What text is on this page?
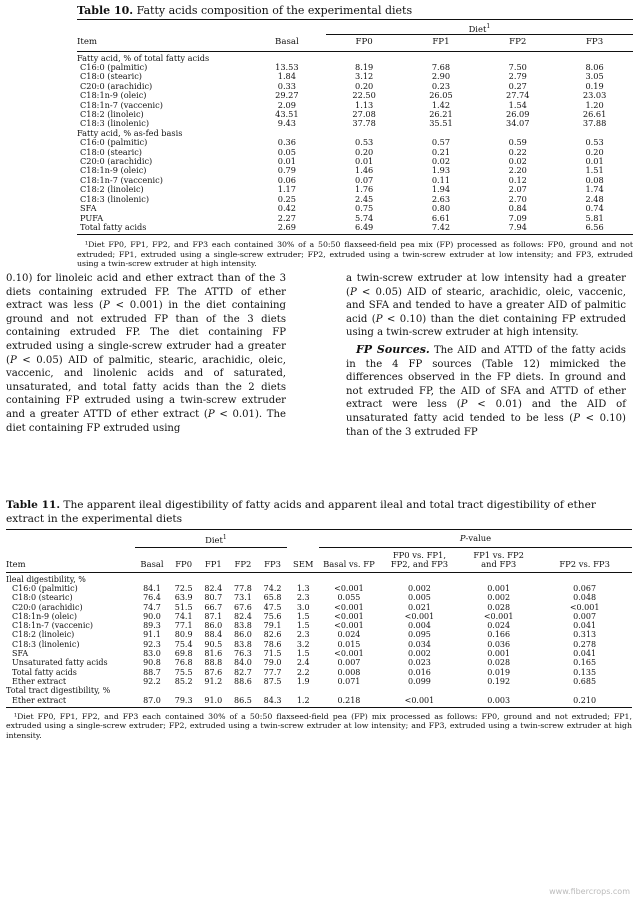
Table 10. Fatty acids composition of the experimental diets
		Diet$^1$
Item	Basal	FP0	FP1	FP2	FP3
Fatty acid, % of total fatty acids					
C16:0 (palmitic)	13.53	8.19	7.68	7.50	8.06
C18:0 (stearic)	1.84	3.12	2.90	2.79	3.05
C20:0 (arachidic)	0.33	0.20	0.23	0.27	0.19
C18:1n-9 (oleic)	29.27	22.50	26.05	27.74	23.03
C18:1n-7 (vaccenic)	2.09	1.13	1.42	1.54	1.20
C18:2 (linoleic)	43.51	27.08	26.21	26.09	26.61
C18:3 (linolenic)	9.43	37.78	35.51	34.07	37.88
Fatty acid, % as-fed basis					
C16:0 (palmitic)	0.36	0.53	0.57	0.59	0.53
C18:0 (stearic)	0.05	0.20	0.21	0.22	0.20
C20:0 (arachidic)	0.01	0.01	0.02	0.02	0.01
C18:1n-9 (oleic)	0.79	1.46	1.93	2.20	1.51
C18:1n-7 (vaccenic)	0.06	0.07	0.11	0.12	0.08
C18:2 (linoleic)	1.17	1.76	1.94	2.07	1.74
C18:3 (linolenic)	0.25	2.45	2.63	2.70	2.48
SFA	0.42	0.75	0.80	0.84	0.74
PUFA	2.27	5.74	6.61	7.09	5.81
Total fatty acids	2.69	6.49	7.42	7.94	6.56
¹Diet FP0, FP1, FP2, and FP3 each contained 30% of a 50:50 flaxseed-field pea mix (FP) processed as follows: FP0, ground and not extruded; FP1, extruded using a single-screw extruder; FP2, extruded using a twin-screw extruder at low intensity; and FP3, extruded using a twin-screw extruder at high intensity.

0.10) for linoleic acid and ether extract than of the 3 diets containing extruded FP. The ATTD of ether extract was less (P < 0.001) in the diet containing ground and not extruded FP than of the 3 diets containing extruded FP. The diet containing FP extruded using a single-screw extruder had a greater (P < 0.05) AID of palmitic, stearic, arachidic, oleic, vaccenic, and linolenic acids and of saturated, unsaturated, and total fatty acids than the 2 diets containing FP extruded using a twin-screw extruder and a greater ATTD of ether extract (P < 0.01). The diet containing FP extruded using

a twin-screw extruder at low intensity had a greater (P < 0.05) AID of stearic, arachidic, oleic, vaccenic, and SFA and tended to have a greater AID of palmitic acid (P < 0.10) than the diet containing FP extruded using a twin-screw extruder at high intensity.

FP Sources. The AID and ATTD of the fatty acids in the 4 FP sources (Table 12) mimicked the differences observed in the FP diets. In ground and not extruded FP, the AID of SFA and ATTD of ether extract were less (P < 0.01) and the AID of unsaturated fatty acid tended to be less (P < 0.10) than of the 3 extruded FP

Table 11. The apparent ileal digestibility of fatty acids and apparent ileal and total tract digestibility of ether extract in the experimental diets
	Diet$^1$						P-value			
Item	Basal	FP0	FP1	FP2	FP3	SEM	Basal vs. FP	FP0 vs. FP1,
FP2, and FP3	FP1 vs. FP2
and FP3	FP2 vs. FP3
Ileal digestibility, %										
C16:0 (palmitic)	84.1	72.5	82.4	77.8	74.2	1.3	<0.001	0.002	0.001	0.067
C18:0 (stearic)	76.4	63.9	80.7	73.1	65.8	2.3	0.055	0.005	0.002	0.048
C20:0 (arachidic)	74.7	51.5	66.7	67.6	47.5	3.0	<0.001	0.021	0.028	<0.001
C18:1n-9 (oleic)	90.0	74.1	87.1	82.4	75.6	1.5	<0.001	<0.001	<0.001	0.007
C18:1n-7 (vaccenic)	89.3	77.1	86.0	83.8	79.1	1.5	<0.001	0.004	0.024	0.041
C18:2 (linoleic)	91.1	80.9	88.4	86.0	82.6	2.3	0.024	0.095	0.166	0.313
C18:3 (linolenic)	92.3	75.4	90.5	83.8	78.6	3.2	0.015	0.034	0.036	0.278
SFA	83.0	69.8	81.6	76.3	71.5	1.5	<0.001	0.002	0.001	0.041
Unsaturated fatty acids	90.8	76.8	88.8	84.0	79.0	2.4	0.007	0.023	0.028	0.165
Total fatty acids	88.7	75.5	87.6	82.7	77.7	2.2	0.008	0.016	0.019	0.135
Ether extract	92.2	85.2	91.2	88.6	87.5	1.9	0.071	0.099	0.192	0.685
Total tract digestibility, %										
Ether extract	87.0	79.3	91.0	86.5	84.3	1.2	0.218	<0.001	0.003	0.210
¹Diet FP0, FP1, FP2, and FP3 each contained 30% of a 50:50 flaxseed-field pea (FP) mix processed as follows: FP0, ground and not extruded; FP1, extruded using a single-screw extruder; FP2, extruded using a twin-screw extruder at low intensity; and FP3, extruded using a twin-screw extruder at high intensity.
www.fibercrops.com
